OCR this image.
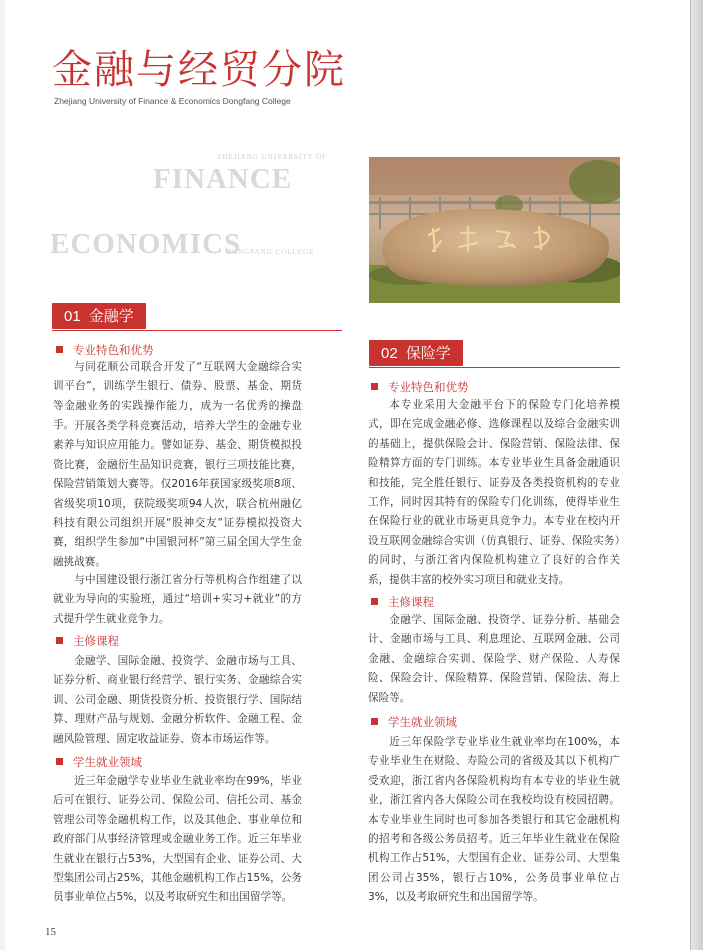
金融与经贸分院
Zhejiang University of Finance & Economics Dongfang College
ZHEJIANG UNIVERSITY OF
FINANCE
ECONOMICS
DONGFANG COLLEGE
01 金融学
专业特色和优势

与同花顺公司联合开发了“互联网大金融综合实训平台”，训练学生银行、债券、股票、基金、期货等金融业务的实践操作能力，成为一名优秀的操盘手。 开展各类学科竞赛活动，培养大学生的金融专业素养与知识应用能力。譬如证券、基金、期货模拟投资比赛，金融衍生品知识竞赛，银行三项技能比赛，保险营销策划大赛等。仅2016年获国家级奖项8项、省级奖项10项，获院级奖项94人次，联合杭州融亿科技有限公司组织开展“股神交友”证券模拟投资大赛，组织学生参加“中国银河杯”第三届全国大学生金融挑战赛。

与中国建设银行浙江省分行等机构合作组建了以就业为导向的实验班，通过“培训+实习+就业”的方式提升学生就业竞争力。

主修课程

金融学、国际金融、投资学、金融市场与工具、证券分析、商业银行经营学、银行实务、金融综合实训、公司金融、期货投资分析、投资银行学、国际结算、理财产品与规划、金融分析软件、金融工程、金融风险管理、固定收益证券、资本市场运作等。

学生就业领域

近三年金融学专业毕业生就业率均在99%，毕业后可在银行、证券公司、保险公司、信托公司、基金管理公司等金融机构工作，以及其他企、事业单位和政府部门从事经济管理或金融业务工作。近三年毕业生就业在银行占53%，大型国有企业、证券公司、大型集团公司占25%，其他金融机构工作占15%，公务员事业单位占5%，以及考取研究生和出国留学等。

02 保险学
专业特色和优势

本专业采用大金融平台下的保险专门化培养模式，即在完成金融必修、选修课程以及综合金融实训的基础上，提供保险会计、保险营销、保险法律、保险精算方面的专门训练。本专业毕业生具备金融通识和技能，完全胜任银行、证券及各类投资机构的专业工作，同时因其特有的保险专门化训练，使得毕业生在保险行业的就业市场更具竞争力。本专业在校内开设互联网金融综合实训（仿真银行、证券、保险实务）的同时，与浙江省内保险机构建立了良好的合作关系，提供丰富的校外实习项目和就业支持。

主修课程

金融学、国际金融、投资学、证券分析、基础会计、金融市场与工具、利息理论、互联网金融、公司金融、金融综合实训、保险学、财产保险、人寿保险、保险会计、保险精算、保险营销、保险法、海上保险等。

学生就业领域

近三年保险学专业毕业生就业率均在100%，本专业毕业生在财险、寿险公司的省级及其以下机构广受欢迎，浙江省内各保险机构均有本专业的毕业生就业，浙江省内各大保险公司在我校均设有校园招聘。本专业毕业生同时也可参加各类银行和其它金融机构的招考和各级公务员招考。近三年毕业生就业在保险机构工作占51%，大型国有企业、证券公司、大型集团公司占35%，银行占10%，公务员事业单位占3%，以及考取研究生和出国留学等。

15
